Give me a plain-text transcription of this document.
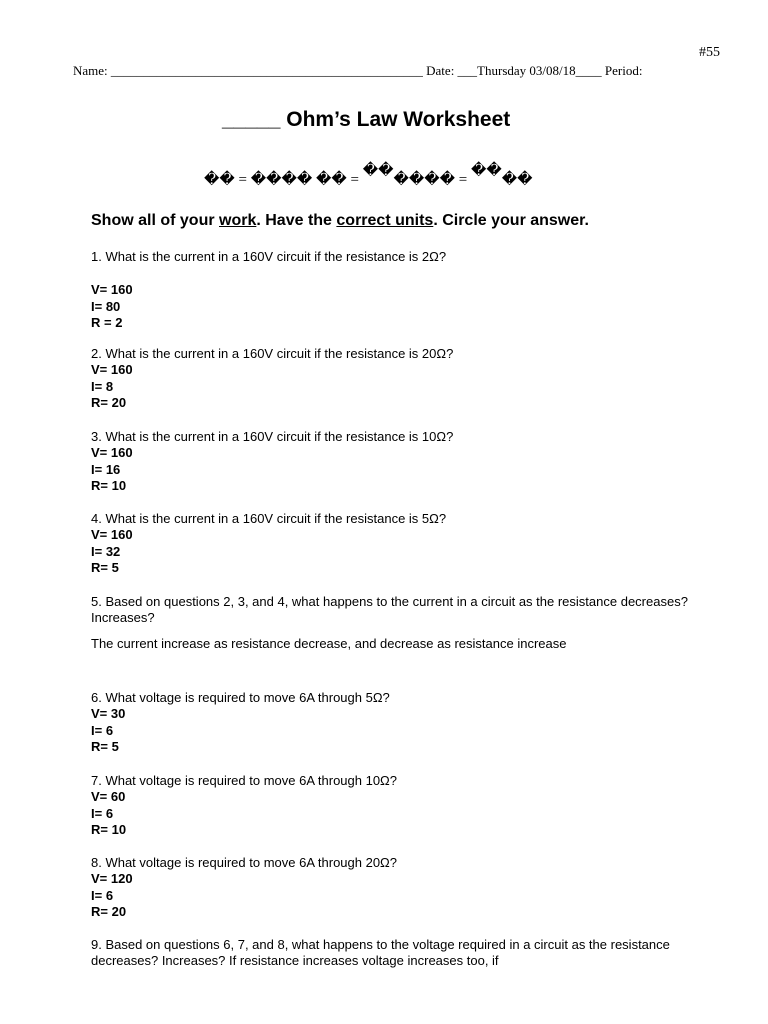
#55
Name: ________________________________________________ Date: ___Thursday 03/08/18____ Period:
_____ Ohm’s Law Worksheet
�� = ���� �� = ������ = ����
Show all of your work. Have the correct units. Circle your answer.
1. What is the current in a 160V circuit if the resistance is 2Ω?
V= 160
I= 80
R = 2
2. What is the current in a 160V circuit if the resistance is 20Ω?
V= 160
I= 8
R= 20
3. What is the current in a 160V circuit if the resistance is 10Ω?
V= 160
I= 16
R= 10
4. What is the current in a 160V circuit if the resistance is 5Ω?
V= 160
I= 32
R= 5
5. Based on questions 2, 3, and 4, what happens to the current in a circuit as the resistance decreases? Increases?
The current increase as resistance decrease, and decrease as resistance increase
6. What voltage is required to move 6A through 5Ω?
V= 30
I= 6
R= 5
7. What voltage is required to move 6A through 10Ω?
V= 60
I= 6
R= 10
8. What voltage is required to move 6A through 20Ω?
V= 120
I= 6
R= 20
9. Based on questions 6, 7, and 8, what happens to the voltage required in a circuit as the resistance decreases? Increases? If resistance increases voltage increases too, if
